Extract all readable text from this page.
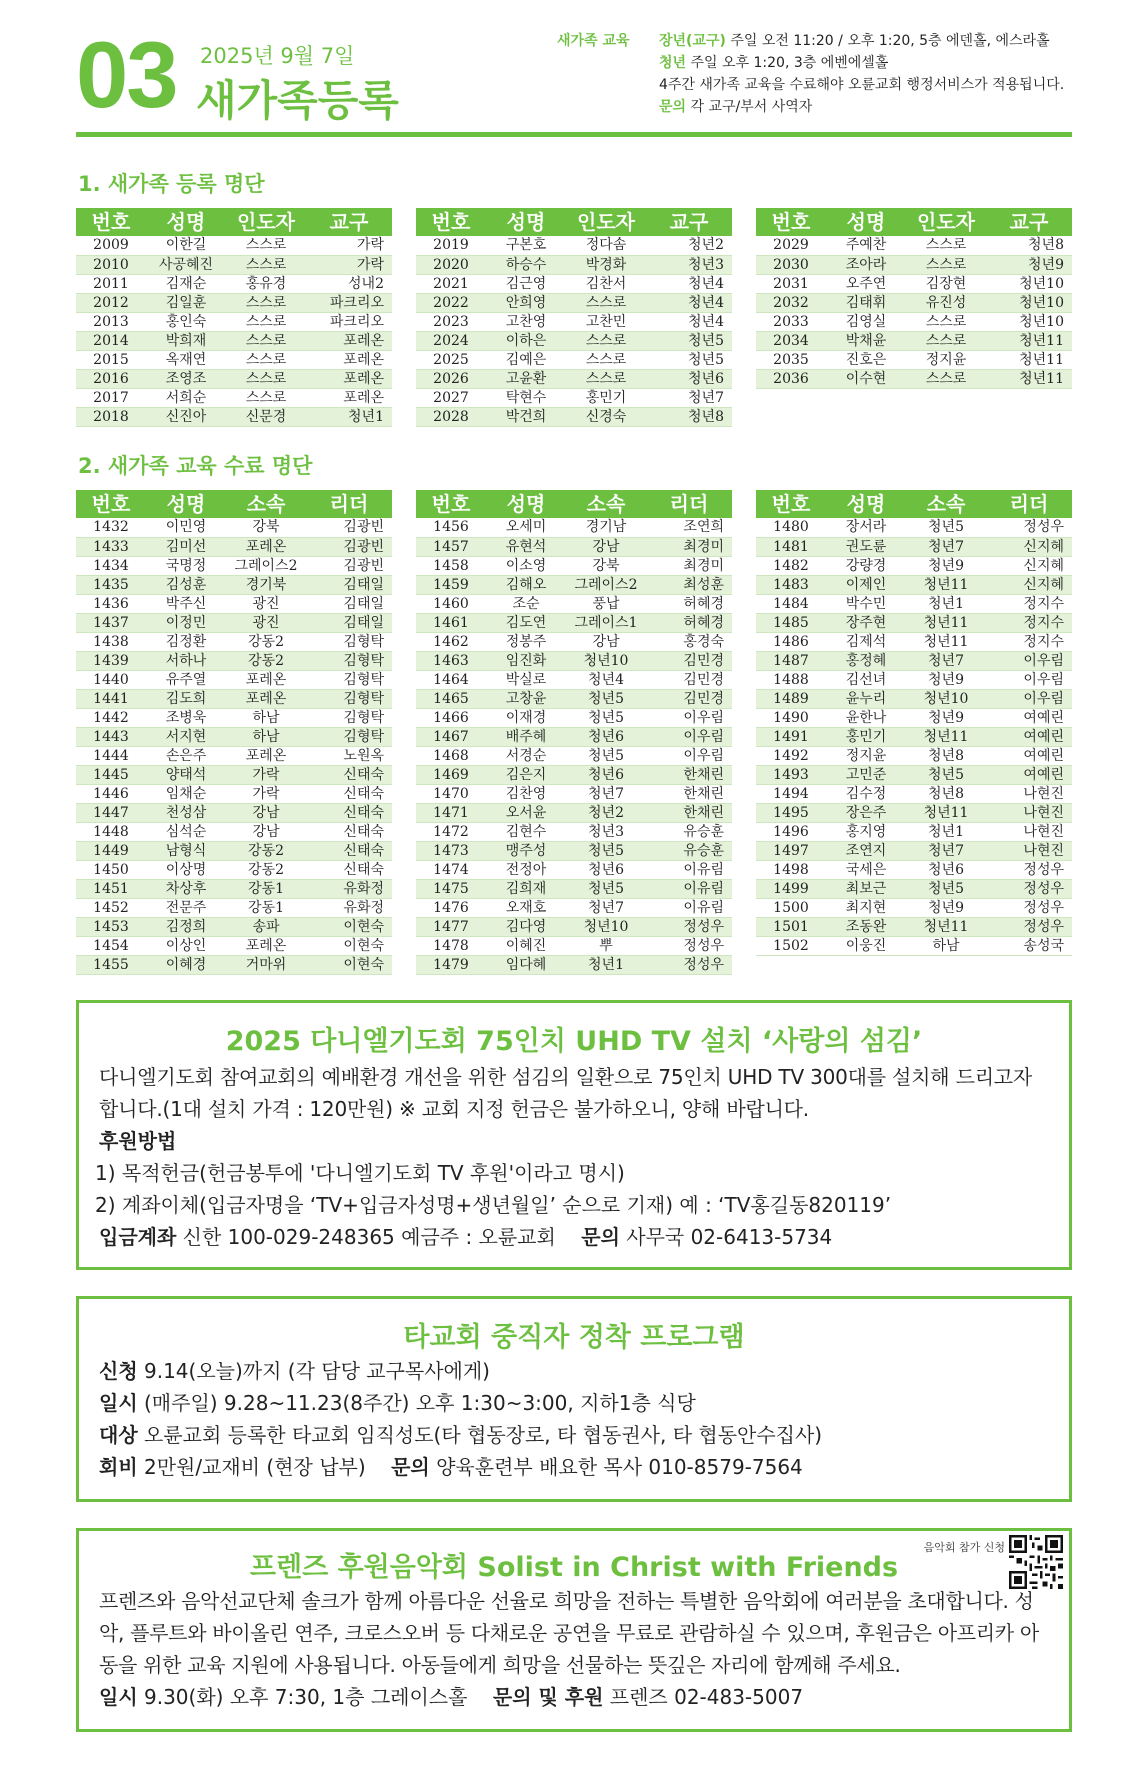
03 2025년 9월 7일
새가족등록
새가족 교육 장년(교구) 주일 오전 11:20 / 오후 1:20, 5층 에덴홀, 에스라홀
청년 주일 오후 1:20, 3층 에벤에셀홀
4주간 새가족 교육을 수료해야 오륜교회 행정서비스가 적용됩니다.
문의 각 교구/부서 사역자
1. 새가족 등록 명단
번호	성명	인도자	교구
2009	이한길	스스로	가락
2010	사공혜진	스스로	가락
2011	김재순	홍유경	성내2
2012	김일훈	스스로	파크리오
2013	홍인숙	스스로	파크리오
2014	박희재	스스로	포레온
2015	옥재연	스스로	포레온
2016	조영조	스스로	포레온
2017	서희순	스스로	포레온
2018	신진아	신문경	청년1
번호	성명	인도자	교구
2019	구본호	정다솜	청년2
2020	하승수	박경화	청년3
2021	김근영	김찬서	청년4
2022	안희영	스스로	청년4
2023	고찬영	고찬민	청년4
2024	이하은	스스로	청년5
2025	김예은	스스로	청년5
2026	고윤환	스스로	청년6
2027	탁현수	홍민기	청년7
2028	박건희	신경숙	청년8
번호	성명	인도자	교구
2029	주예찬	스스로	청년8
2030	조아라	스스로	청년9
2031	오주연	김장현	청년10
2032	김태휘	유진성	청년10
2033	김영실	스스로	청년10
2034	박채윤	스스로	청년11
2035	진호은	정지윤	청년11
2036	이수현	스스로	청년11
2. 새가족 교육 수료 명단
번호	성명	소속	리더
1432	이민영	강북	김광빈
1433	김미선	포레온	김광빈
1434	국명정	그레이스2	김광빈
1435	김성훈	경기북	김태일
1436	박주신	광진	김태일
1437	이정민	광진	김태일
1438	김정환	강동2	김형탁
1439	서하나	강동2	김형탁
1440	유주열	포레온	김형탁
1441	김도희	포레온	김형탁
1442	조병욱	하남	김형탁
1443	서지현	하남	김형탁
1444	손은주	포레온	노원옥
1445	양태석	가락	신태숙
1446	임채순	가락	신태숙
1447	천성삼	강남	신태숙
1448	심석순	강남	신태숙
1449	남형식	강동2	신태숙
1450	이상명	강동2	신태숙
1451	차상후	강동1	유화정
1452	전문주	강동1	유화정
1453	김정희	송파	이현숙
1454	이상인	포레온	이현숙
1455	이혜경	거마위	이현숙
번호	성명	소속	리더
1456	오세미	경기남	조연희
1457	유현석	강남	최경미
1458	이소영	강북	최경미
1459	김해오	그레이스2	최성훈
1460	조순	풍납	허혜경
1461	김도연	그레이스1	허혜경
1462	정봉주	강남	홍경숙
1463	임진화	청년10	김민경
1464	박실로	청년4	김민경
1465	고창윤	청년5	김민경
1466	이재경	청년5	이우림
1467	배주혜	청년6	이우림
1468	서경순	청년5	이우림
1469	김은지	청년6	한채린
1470	김찬영	청년7	한채린
1471	오서윤	청년2	한채린
1472	김현수	청년3	유승훈
1473	맹주성	청년5	유승훈
1474	전정아	청년6	이유림
1475	김희재	청년5	이유림
1476	오재호	청년7	이유림
1477	김다영	청년10	정성우
1478	이혜진	뿌	정성우
1479	임다혜	청년1	정성우
번호	성명	소속	리더
1480	장서라	청년5	정성우
1481	권도륜	청년7	신지혜
1482	강량경	청년9	신지혜
1483	이제인	청년11	신지혜
1484	박수민	청년1	정지수
1485	장주현	청년11	정지수
1486	김제석	청년11	정지수
1487	홍정혜	청년7	이우림
1488	김선녀	청년9	이우림
1489	윤누리	청년10	이우림
1490	윤한나	청년9	여예린
1491	홍민기	청년11	여예린
1492	정지윤	청년8	여예린
1493	고민준	청년5	여예린
1494	김수정	청년8	나현진
1495	장은주	청년11	나현진
1496	홍지영	청년1	나현진
1497	조연지	청년7	나현진
1498	국세은	청년6	정성우
1499	최보근	청년5	정성우
1500	최지현	청년9	정성우
1501	조동완	청년11	정성우
1502	이웅진	하남	송성국
2025 다니엘기도회 75인치 UHD TV 설치 ‘사랑의 섬김’
다니엘기도회 참여교회의 예배환경 개선을 위한 섬김의 일환으로 75인치 UHD TV 300대를 설치해 드리고자 합니다.(1대 설치 가격 : 120만원) ※ 교회 지정 헌금은 불가하오니, 양해 바랍니다.
후원방법
1) 목적헌금(헌금봉투에 '다니엘기도회 TV 후원'이라고 명시)
2) 계좌이체(입금자명을 ‘TV+입금자성명+생년월일’ 순으로 기재) 예 : ‘TV홍길동820119’
입금계좌 신한 100-029-248365 예금주 : 오륜교회 문의 사무국 02-6413-5734
타교회 중직자 정착 프로그램
신청 9.14(오늘)까지 (각 담당 교구목사에게)
일시 (매주일) 9.28~11.23(8주간) 오후 1:30~3:00, 지하1층 식당
대상 오륜교회 등록한 타교회 임직성도(타 협동장로, 타 협동권사, 타 협동안수집사)
회비 2만원/교재비 (현장 납부) 문의 양육훈련부 배요한 목사 010-8579-7564
음악회 참가 신청
프렌즈 후원음악회 Solist in Christ with Friends
프렌즈와 음악선교단체 솔크가 함께 아름다운 선율로 희망을 전하는 특별한 음악회에 여러분을 초대합니다. 성악, 플루트와 바이올린 연주, 크로스오버 등 다채로운 공연을 무료로 관람하실 수 있으며, 후원금은 아프리카 아동을 위한 교육 지원에 사용됩니다. 아동들에게 희망을 선물하는 뜻깊은 자리에 함께해 주세요.
일시 9.30(화) 오후 7:30, 1층 그레이스홀 문의 및 후원 프렌즈 02-483-5007
